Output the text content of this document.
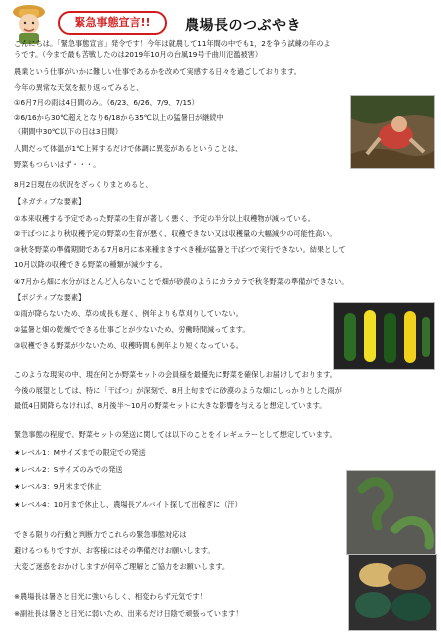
緊急事態宣言!!	農場長のつぶやき
こんにちは。「緊急事態宣言」発令です！今年は就農して11年間の中でも1，2を争う試練の年のよ
うです。（今まで最も苦戦したのは2019年10月の台風19号千曲川氾濫被害）
農業という仕事がいかに難しい仕事であるかを改めて実感する日々を過ごしております。
今年の異常な天気を振り返ってみると、
①6月7月の雨は4日間のみ。（6/23、6/26、7/9、7/15）
②6/16から30℃超えとなり6/18から35℃以上の猛暑日が継続中
（期間中30℃以下の日は3日間）
人間だって体温が1℃上昇するだけで体調に異変があるということは、
野菜もつらいはず・・・。
8月2日現在の状況をざっくりまとめると、
【ネガティブな要素】
①本来収穫する予定であった野菜の生育が著しく悪く、予定の半分以上収穫物が減っている。
②干ばつにより秋収穫予定の野菜の生育が悪く、収穫できない又は収穫量の大幅減少の可能性高い。
③秋冬野菜の準備期間である7月8月に本来種まきすべき種が猛暑と干ばつで実行できない。結果として
10月以降の収穫できる野菜の種類が減少する。
④7月から畑に水分がほとんど入らないことで畑が砂漠のようにカラカラで秋冬野菜の準備ができない。
【ポジティブな要素】
①雨が降らないため、草の成長も遅く、例年よりも草刈りしていない。
②猛暑と畑の乾燥でできる仕事ごとが少ないため、労働時間減ってます。
③収穫できる野菜が少ないため、収穫時間も例年より短くなっている。
このような現実の中、現在何とか野菜セットの会員様を最優先に野菜を確保しお届けしております。
今後の展望としては、特に「干ばつ」が深刻で、8月上旬までに砂漠のような畑にしっかりとした雨が
最低4日間降らなければ、8月後半～10月の野菜セットに大きな影響を与えると想定しています。
緊急事態の程度で、野菜セットの発送に関しては以下のことをイレギュラーとして想定しています。
★レベル1：Mサイズまでの限定での発送
★レベル2：Sサイズのみでの発送
★レベル3：9月末まで休止
★レベル4：10月まで休止し、農場長アルバイト探して出稼ぎに（汗）
できる限りの行動と判断力でこれらの緊急事態対応は
避けるつもりですが、お客様にはその準備だけお願いします。
大変ご迷惑をおかけしますが何卒ご理解とご協力をお願いします。
※農場長は暑さと日光に強いらしく、相変わらず元気です！
※副社長は暑さと日光に弱いため、出来るだけ日陰で頑張っています！
